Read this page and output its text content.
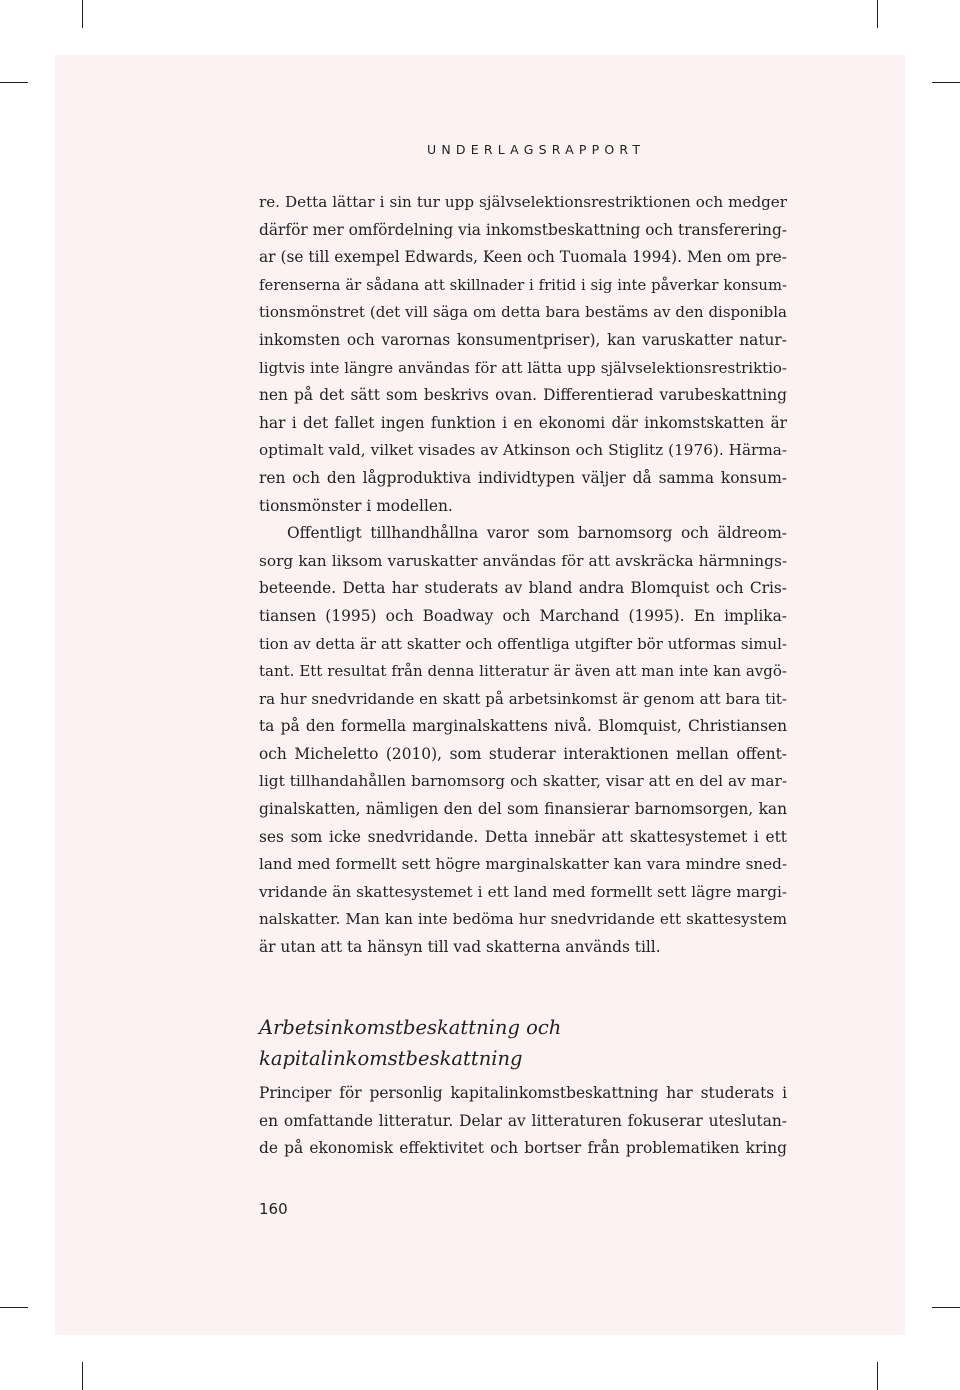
UNDERLAGSRAPPORT
re. Detta lättar i sin tur upp självselektionsrestriktionen och medger
därför mer omfördelning via inkomstbeskattning och transferering-
ar (se till exempel Edwards, Keen och Tuomala 1994). Men om pre-
ferenserna är sådana att skillnader i fritid i sig inte påverkar konsum-
tionsmönstret (det vill säga om detta bara bestäms av den disponibla
inkomsten och varornas konsumentpriser), kan varuskatter natur-
ligtvis inte längre användas för att lätta upp självselektionsrestriktio-
nen på det sätt som beskrivs ovan. Differentierad varubeskattning
har i det fallet ingen funktion i en ekonomi där inkomstskatten är
optimalt vald, vilket visades av Atkinson och Stiglitz (1976). Härma-
ren och den lågproduktiva individtypen väljer då samma konsum-
tionsmönster i modellen.
Offentligt tillhandhållna varor som barnomsorg och äldreom-
sorg kan liksom varuskatter användas för att avskräcka härmnings-
beteende. Detta har studerats av bland andra Blomquist och Cris-
tiansen (1995) och Boadway och Marchand (1995). En implika-
tion av detta är att skatter och offentliga utgifter bör utformas simul-
tant. Ett resultat från denna litteratur är även att man inte kan avgö-
ra hur snedvridande en skatt på arbetsinkomst är genom att bara tit-
ta på den formella marginalskattens nivå. Blomquist, Christiansen
och Micheletto (2010), som studerar interaktionen mellan offent-
ligt tillhandahållen barnomsorg och skatter, visar att en del av mar-
ginalskatten, nämligen den del som finansierar barnomsorgen, kan
ses som icke snedvridande. Detta innebär att skattesystemet i ett
land med formellt sett högre marginalskatter kan vara mindre sned-
vridande än skattesystemet i ett land med formellt sett lägre margi-
nalskatter. Man kan inte bedöma hur snedvridande ett skattesystem
är utan att ta hänsyn till vad skatterna används till.
Arbetsinkomstbeskattning och
kapitalinkomstbeskattning
Principer för personlig kapitalinkomstbeskattning har studerats i
en omfattande litteratur. Delar av litteraturen fokuserar uteslutan-
de på ekonomisk effektivitet och bortser från problematiken kring
160
